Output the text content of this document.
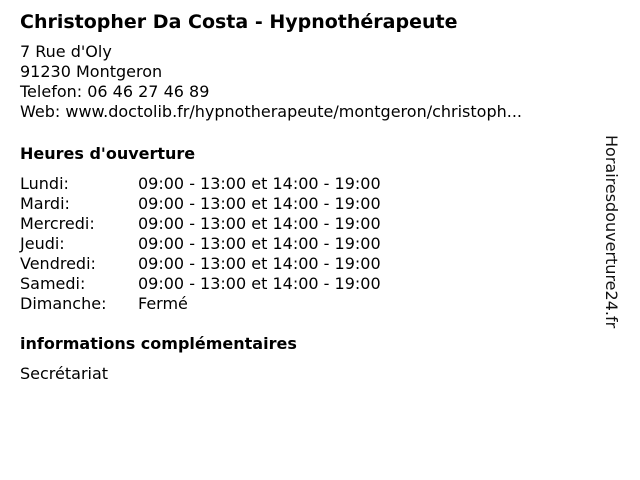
Christopher Da Costa - Hypnothérapeute
7 Rue d'Oly
91230 Montgeron
Telefon: 06 46 27 46 89
Web: www.doctolib.fr/hypnotherapeute/montgeron/christoph...
Heures d'ouverture
Lundi:	09:00 - 13:00 et 14:00 - 19:00
Mardi:	09:00 - 13:00 et 14:00 - 19:00
Mercredi:	09:00 - 13:00 et 14:00 - 19:00
Jeudi:	09:00 - 13:00 et 14:00 - 19:00
Vendredi:	09:00 - 13:00 et 14:00 - 19:00
Samedi:	09:00 - 13:00 et 14:00 - 19:00
Dimanche:	Fermé
informations complémentaires
Secrétariat
Horairesdouverture24.fr
